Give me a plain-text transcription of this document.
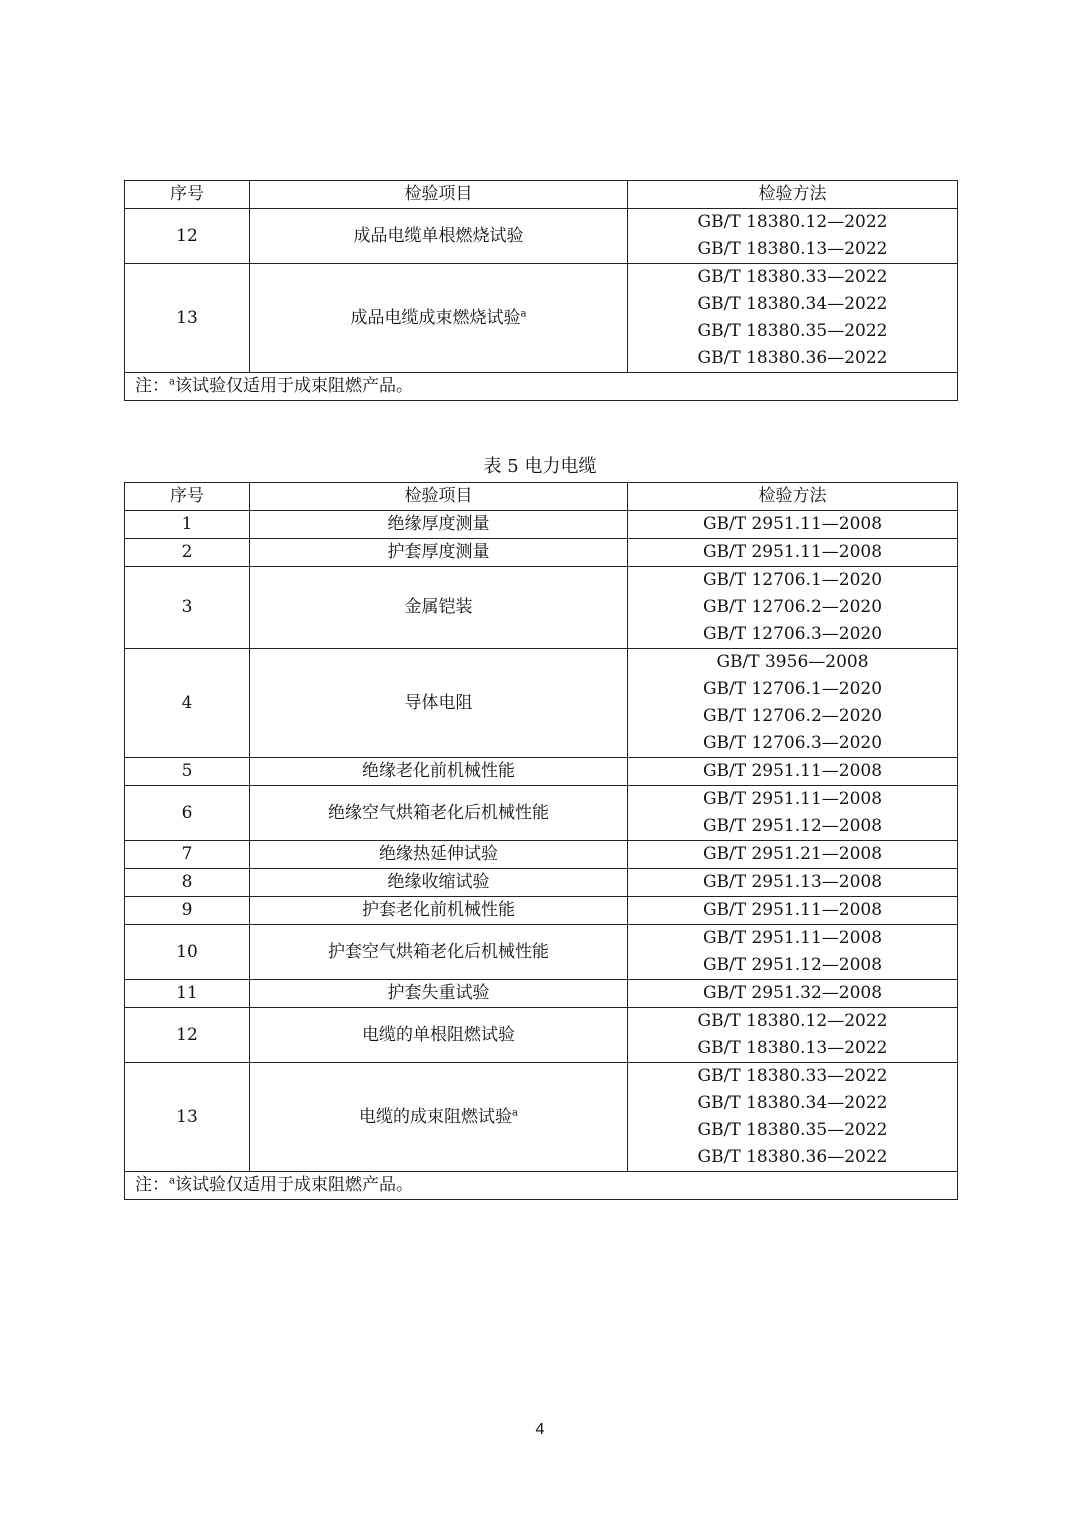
序号	检验项目	检验方法
12	成品电缆单根燃烧试验	GB/T 18380.12—2022
GB/T 18380.13—2022

13	成品电缆成束燃烧试验$^a$	GB/T 18380.33—2022
GB/T 18380.34—2022
GB/T 18380.35—2022
GB/T 18380.36—2022

注：$^a$该试验仅适用于成束阻燃产品。		
表 5 电力电缆
序号	检验项目	检验方法
1	绝缘厚度测量	GB/T 2951.11—2008

2	护套厚度测量	GB/T 2951.11—2008

3	金属铠装	GB/T 12706.1—2020
GB/T 12706.2—2020
GB/T 12706.3—2020

4	导体电阻	GB/T 3956—2008
GB/T 12706.1—2020
GB/T 12706.2—2020
GB/T 12706.3—2020

5	绝缘老化前机械性能	GB/T 2951.11—2008

6	绝缘空气烘箱老化后机械性能	GB/T 2951.11—2008
GB/T 2951.12—2008

7	绝缘热延伸试验	GB/T 2951.21—2008

8	绝缘收缩试验	GB/T 2951.13—2008

9	护套老化前机械性能	GB/T 2951.11—2008

10	护套空气烘箱老化后机械性能	GB/T 2951.11—2008
GB/T 2951.12—2008

11	护套失重试验	GB/T 2951.32—2008

12	电缆的单根阻燃试验	GB/T 18380.12—2022
GB/T 18380.13—2022

13	电缆的成束阻燃试验$^a$	GB/T 18380.33—2022
GB/T 18380.34—2022
GB/T 18380.35—2022
GB/T 18380.36—2022

注：$^a$该试验仅适用于成束阻燃产品。		
4
